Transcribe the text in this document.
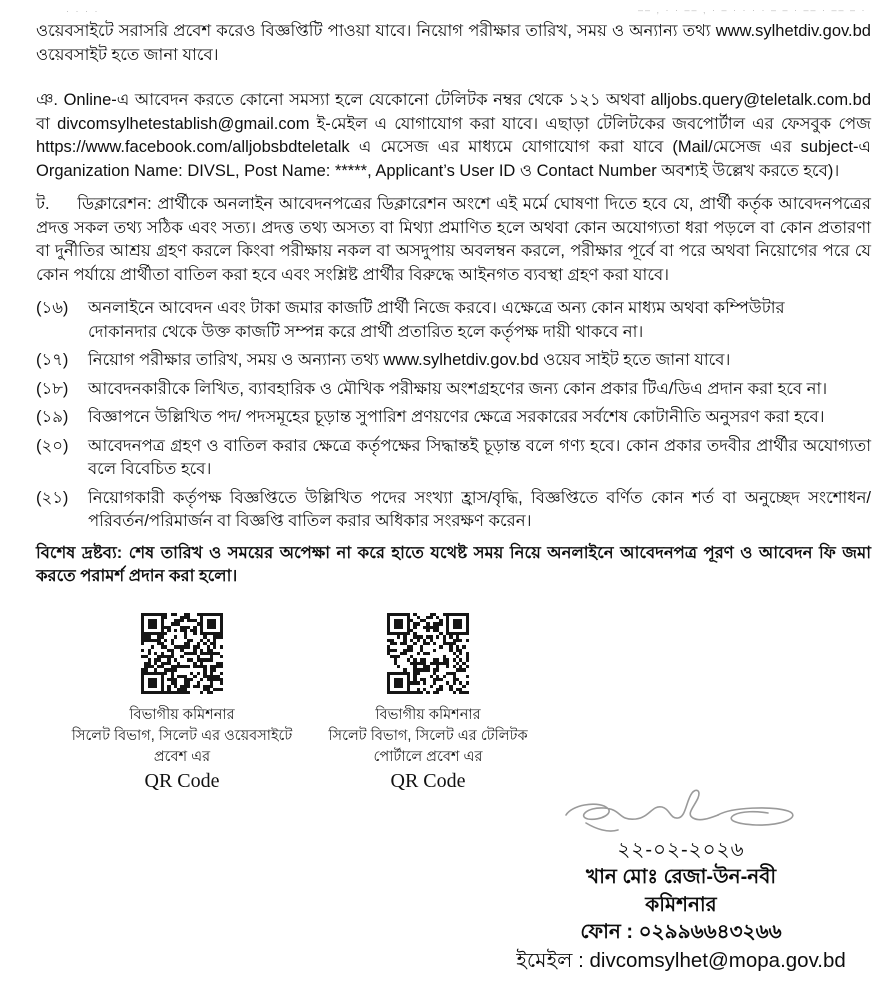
· · · ·	–– , · · –– , · – · · · · – – · –– · –– – ·

ওয়েবসাইটে সরাসরি প্রবেশ করেও বিজ্ঞপ্তিটি পাওয়া যাবে। নিয়োগ পরীক্ষার তারিখ, সময় ও অন্যান্য তথ্য www.sylhetdiv.gov.bd ওয়েবসাইট হতে জানা যাবে।

ঞ. Online-এ আবেদন করতে কোনো সমস্যা হলে যেকোনো টেলিটক নম্বর থেকে ১২১ অথবা alljobs.query@teletalk.com.bd বা divcomsylhetestablish@gmail.com ই-মেইল এ যোগাযোগ করা যাবে। এছাড়া টেলিটকের জবপোর্টাল এর ফেসবুক পেজ https://www.facebook.com/alljobsbdteletalk এ মেসেজ এর মাধ্যমে যোগাযোগ করা যাবে (Mail/মেসেজ এর subject-এ Organization Name: DIVSL, Post Name: *****, Applicant’s User ID ও Contact Number অবশ্যই উল্লেখ করতে হবে)।

ট. ডিক্লারেশন: প্রার্থীকে অনলাইন আবেদনপত্রের ডিক্লারেশন অংশে এই মর্মে ঘোষণা দিতে হবে যে, প্রার্থী কর্তৃক আবেদনপত্রের প্রদত্ত সকল তথ্য সঠিক এবং সত্য। প্রদত্ত তথ্য অসত্য বা মিথ্যা প্রমাণিত হলে অথবা কোন অযোগ্যতা ধরা পড়লে বা কোন প্রতারণা বা দুর্নীতির আশ্রয় গ্রহণ করলে কিংবা পরীক্ষায় নকল বা অসদুপায় অবলম্বন করলে, পরীক্ষার পূর্বে বা পরে অথবা নিয়োগের পরে যে কোন পর্যায়ে প্রার্থীতা বাতিল করা হবে এবং সংশ্লিষ্ট প্রার্থীর বিরুদ্ধে আইনগত ব্যবস্থা গ্রহণ করা যাবে।

(১৬)	অনলাইনে আবেদন এবং টাকা জমার কাজটি প্রার্থী নিজে করবে। এক্ষেত্রে অন্য কোন মাধ্যম অথবা কম্পিউটার
দোকানদার থেকে উক্ত কাজটি সম্পন্ন করে প্রার্থী প্রতারিত হলে কর্তৃপক্ষ দায়ী থাকবে না।
(১৭)	নিয়োগ পরীক্ষার তারিখ, সময় ও অন্যান্য তথ্য www.sylhetdiv.gov.bd ওয়েব সাইট হতে জানা যাবে।
(১৮)	আবেদনকারীকে লিখিত, ব্যাবহারিক ও মৌখিক পরীক্ষায় অংশগ্রহণের জন্য কোন প্রকার টিএ/ডিএ প্রদান করা হবে না।
(১৯)	বিজ্ঞাপনে উল্লিখিত পদ/ পদসমূহের চূড়ান্ত সুপারিশ প্রণয়ণের ক্ষেত্রে সরকারের সর্বশেষ কোটানীতি অনুসরণ করা হবে।
(২০)	আবেদনপত্র গ্রহণ ও বাতিল করার ক্ষেত্রে কর্তৃপক্ষের সিদ্ধান্তই চূড়ান্ত বলে গণ্য হবে। কোন প্রকার তদবীর প্রার্থীর অযোগ্যতা বলে বিবেচিত হবে।
(২১)	নিয়োগকারী কর্তৃপক্ষ বিজ্ঞপ্তিতে উল্লিখিত পদের সংখ্যা হ্রাস/বৃদ্ধি, বিজ্ঞপ্তিতে বর্ণিত কোন শর্ত বা অনুচ্ছেদ সংশোধন/পরিবর্তন/পরিমার্জন বা বিজ্ঞপ্তি বাতিল করার অধিকার সংরক্ষণ করেন।

বিশেষ দ্রষ্টব্য: শেষ তারিখ ও সময়ের অপেক্ষা না করে হাতে যথেষ্ট সময় নিয়ে অনলাইনে আবেদনপত্র পূরণ ও আবেদন ফি জমা করতে পরামর্শ প্রদান করা হলো।

বিভাগীয় কমিশনার
সিলেট বিভাগ, সিলেট এর ওয়েবসাইটে
প্রবেশ এর
QR Code
বিভাগীয় কমিশনার
সিলেট বিভাগ, সিলেট এর টেলিটক
পোর্টালে প্রবেশ এর
QR Code
২২-০২-২০২৬
খান মোঃ রেজা-উন-নবী
কমিশনার
ফোন : ০২৯৯৬৬৪৩২৬৬
ইমেইল : divcomsylhet@mopa.gov.bd
